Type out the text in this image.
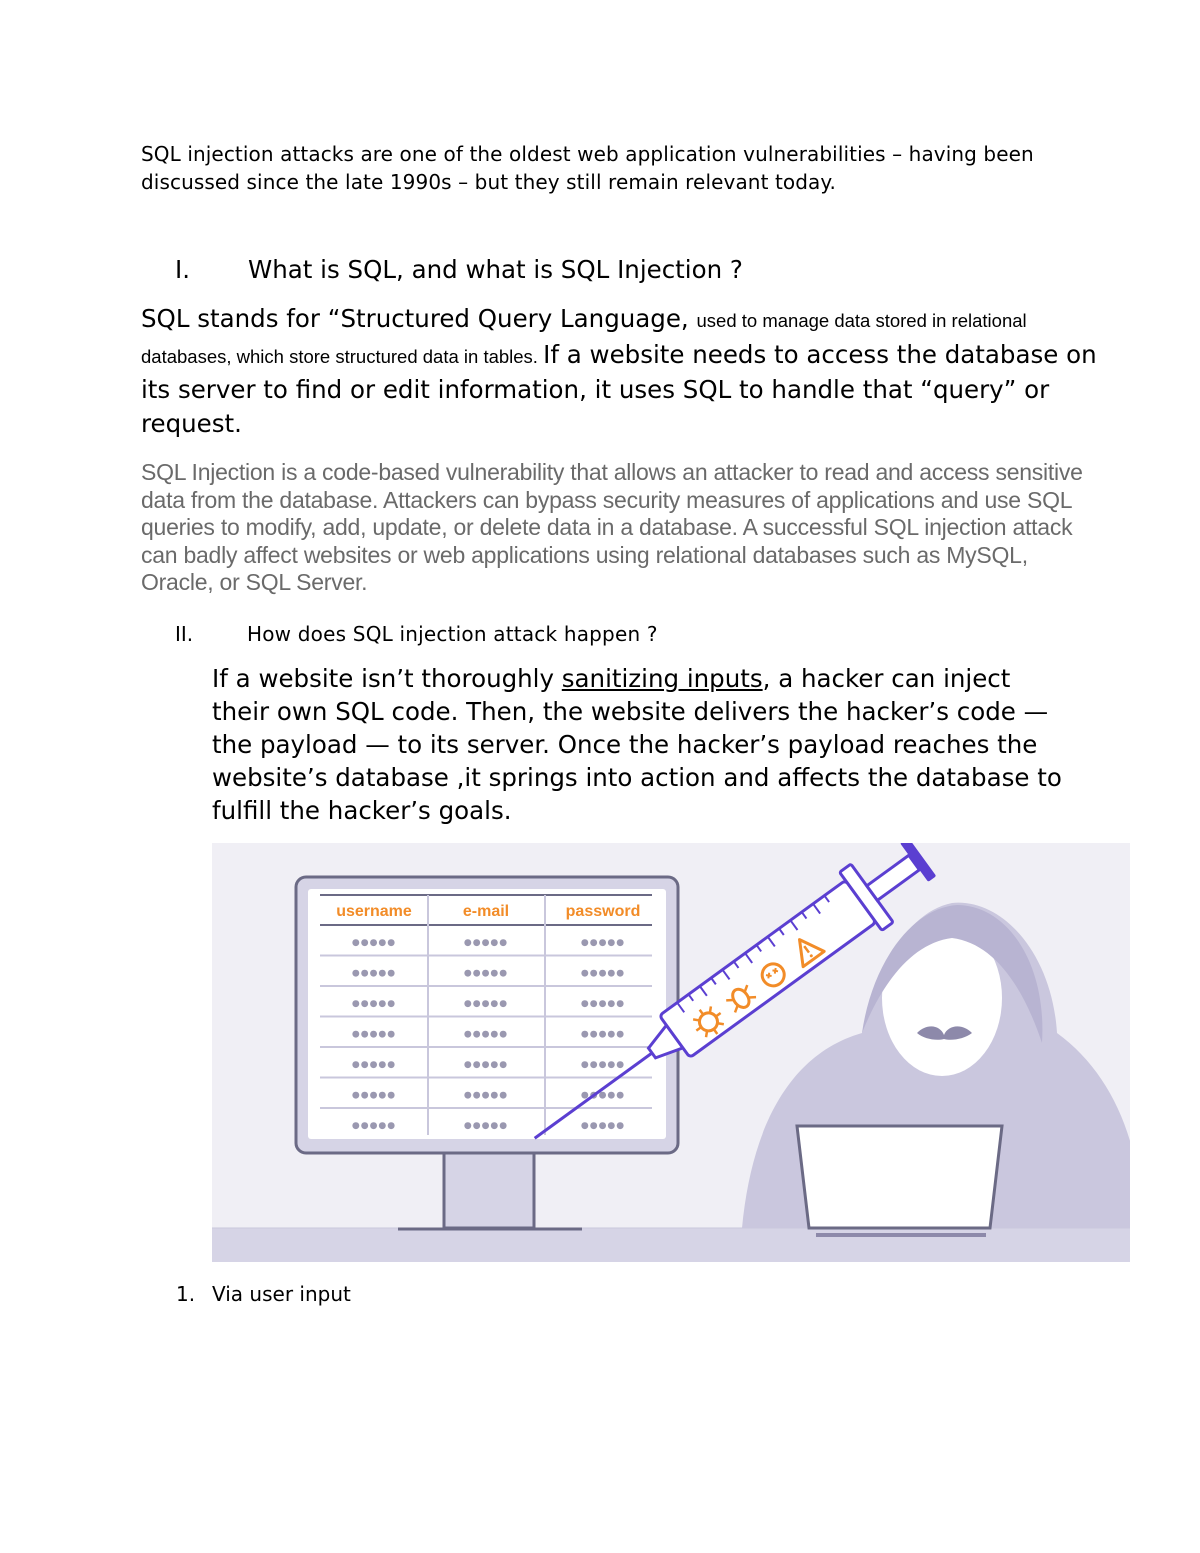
SQL injection attacks are one of the oldest web application vulnerabilities – having been discussed since the late 1990s – but they still remain relevant today.
I. What is SQL, and what is SQL Injection ?
SQL stands for “Structured Query Language, used to manage data stored in relational databases, which store structured data in tables. If a website needs to access the database on its server to find or edit information, it uses SQL to handle that “query” or request.
SQL Injection is a code-based vulnerability that allows an attacker to read and access sensitive data from the database. Attackers can bypass security measures of applications and use SQL queries to modify, add, update, or delete data in a database. A successful SQL injection attack can badly affect websites or web applications using relational databases such as MySQL, Oracle, or SQL Server.
II.	How does SQL injection attack happen ?
If a website isn’t thoroughly sanitizing inputs, a hacker can inject their own SQL code. Then, the website delivers the hacker’s code — the payload — to its server. Once the hacker’s payload reaches the website’s database ,it springs into action and affects the database to fulfill the hacker’s goals.
username	e-mail	password
●●●●●	●●●●●	●●●●●
●●●●●	●●●●●	●●●●●
●●●●●	●●●●●	●●●●●
●●●●●	●●●●●	●●●●●
●●●●●	●●●●●	●●●●●
●●●●●	●●●●●	●●●●●
●●●●●	●●●●●	●●●●●
1. Via user input
